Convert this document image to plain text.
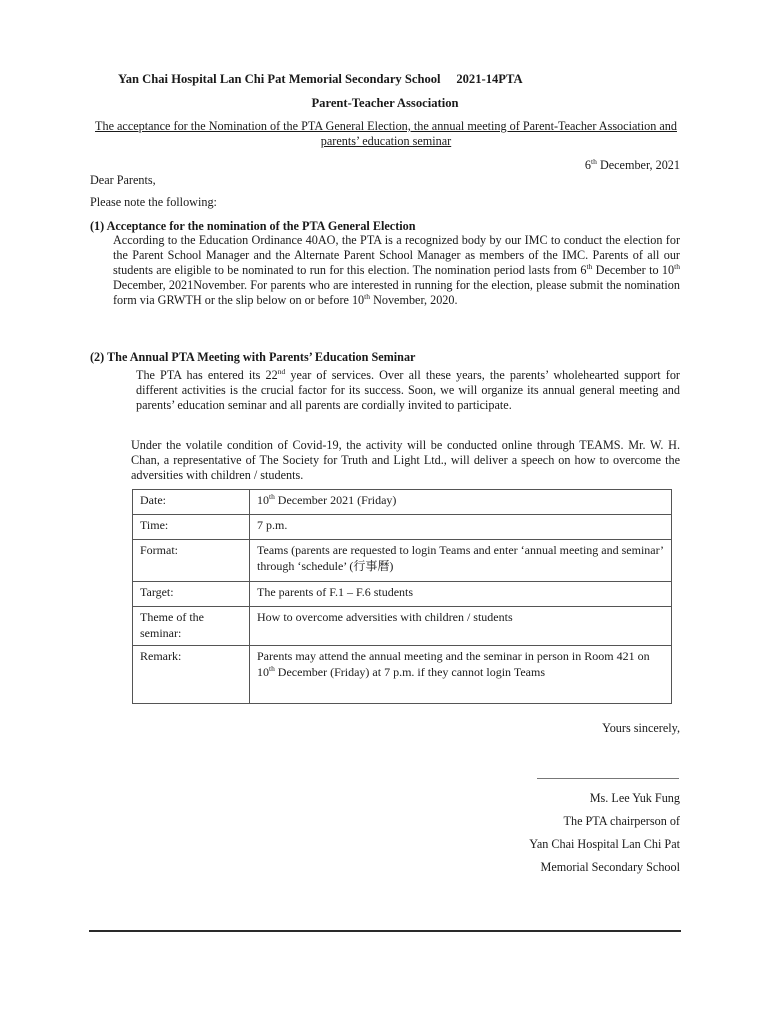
Yan Chai Hospital Lan Chi Pat Memorial Secondary School 2021-14PTA
Parent-Teacher Association
The acceptance for the Nomination of the PTA General Election, the annual meeting of Parent-Teacher Association and parents’ education seminar
6th December, 2021
Dear Parents,
Please note the following:
(1) Acceptance for the nomination of the PTA General Election
According to the Education Ordinance 40AO, the PTA is a recognized body by our IMC to conduct the election for the Parent School Manager and the Alternate Parent School Manager as members of the IMC. Parents of all our students are eligible to be nominated to run for this election. The nomination period lasts from 6th December to 10th December, 2021November. For parents who are interested in running for the election, please submit the nomination form via GRWTH or the slip below on or before 10th November, 2020.
(2) The Annual PTA Meeting with Parents’ Education Seminar
The PTA has entered its 22nd year of services. Over all these years, the parents’ wholehearted support for different activities is the crucial factor for its success. Soon, we will organize its annual general meeting and parents’ education seminar and all parents are cordially invited to participate.
Under the volatile condition of Covid-19, the activity will be conducted online through TEAMS. Mr. W. H. Chan, a representative of The Society for Truth and Light Ltd., will deliver a speech on how to overcome the adversities with children / students.
Date:	10th December 2021 (Friday)
Time:	7 p.m.
Format:	Teams (parents are requested to login Teams and enter ‘annual meeting and seminar’ through ‘schedule’ (行事曆)
Target:	The parents of F.1 – F.6 students
Theme of the seminar:	How to overcome adversities with children / students
Remark:	Parents may attend the annual meeting and the seminar in person in Room 421 on 10th December (Friday) at 7 p.m. if they cannot login Teams
Yours sincerely,
Ms. Lee Yuk Fung
The PTA chairperson of
Yan Chai Hospital Lan Chi Pat
Memorial Secondary School
